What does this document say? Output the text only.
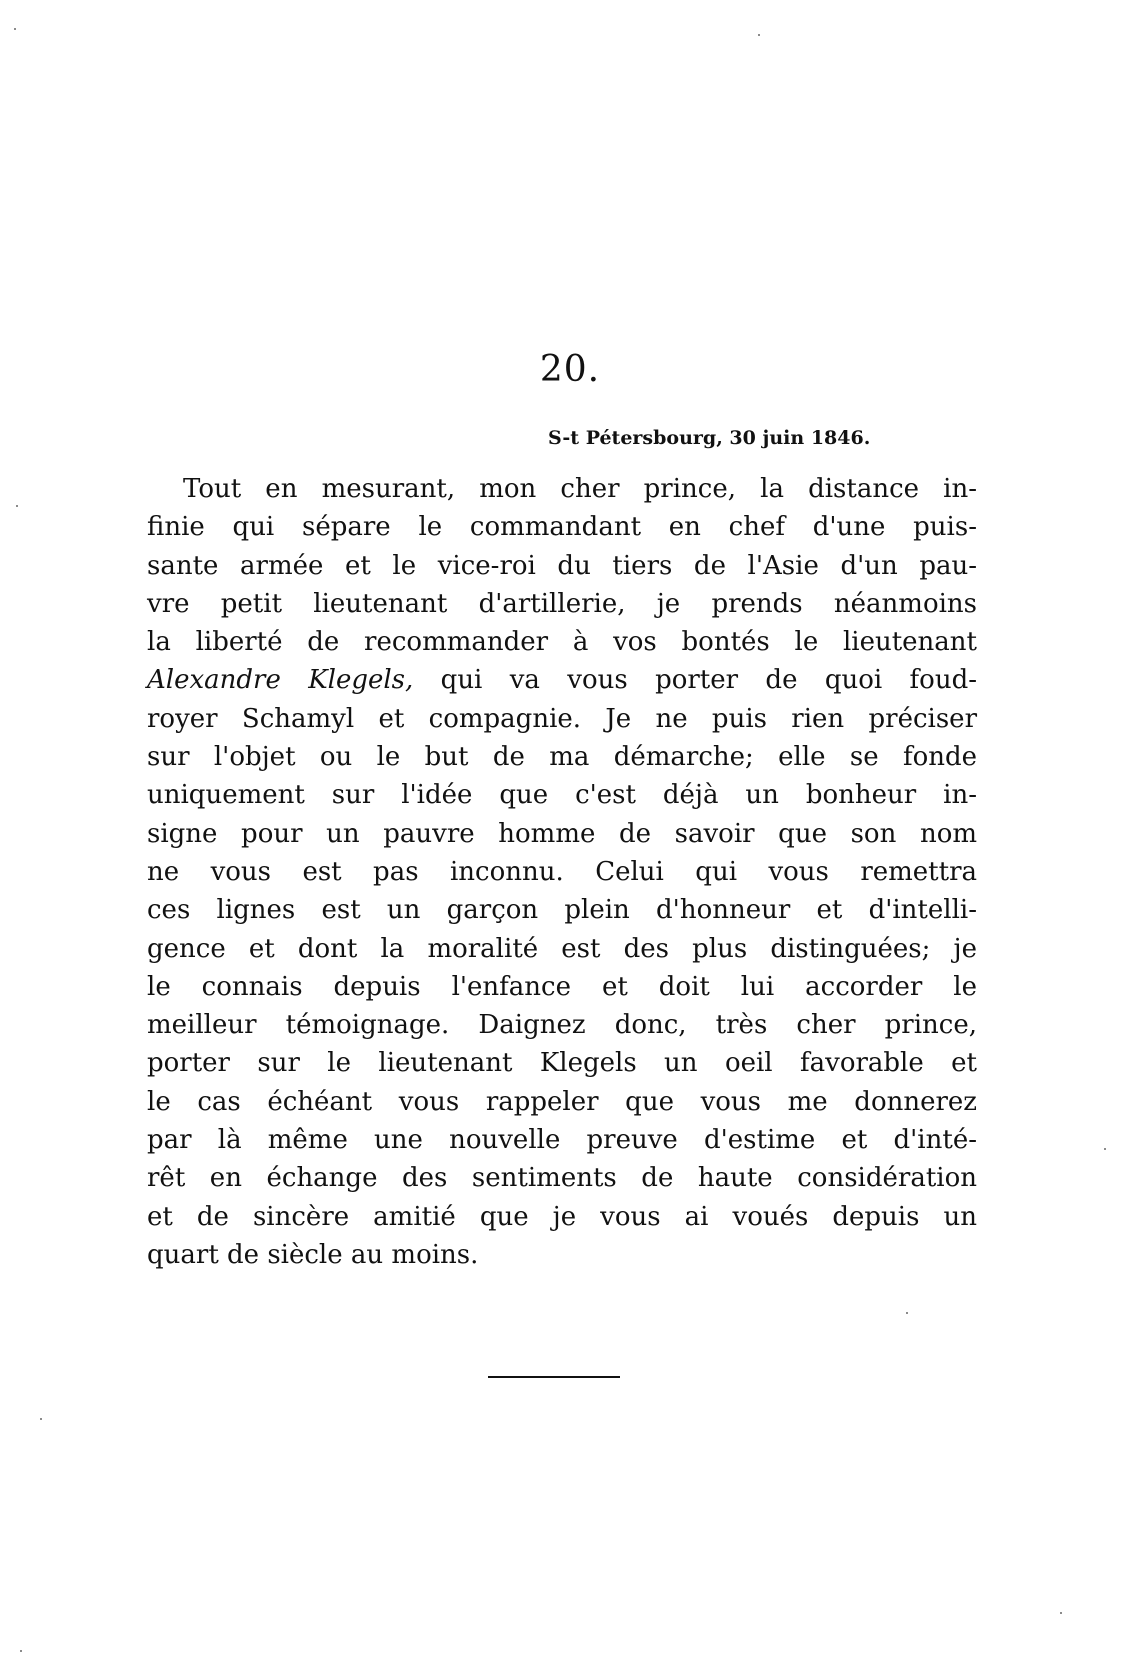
20.
S-t Pétersbourg, 30 juin 1846.
Tout en mesurant, mon cher prince, la distance in-
finie qui sépare le commandant en chef d'une puis-
sante armée et le vice-roi du tiers de l'Asie d'un pau-
vre petit lieutenant d'artillerie, je prends néanmoins
la liberté de recommander à vos bontés le lieutenant
Alexandre Klegels, qui va vous porter de quoi foud-
royer Schamyl et compagnie. Je ne puis rien préciser
sur l'objet ou le but de ma démarche; elle se fonde
uniquement sur l'idée que c'est déjà un bonheur in-
signe pour un pauvre homme de savoir que son nom
ne vous est pas inconnu. Celui qui vous remettra
ces lignes est un garçon plein d'honneur et d'intelli-
gence et dont la moralité est des plus distinguées; je
le connais depuis l'enfance et doit lui accorder le
meilleur témoignage. Daignez donc, très cher prince,
porter sur le lieutenant Klegels un oeil favorable et
le cas échéant vous rappeler que vous me donnerez
par là même une nouvelle preuve d'estime et d'inté-
rêt en échange des sentiments de haute considération
et de sincère amitié que je vous ai voués depuis un
quart de siècle au moins.
